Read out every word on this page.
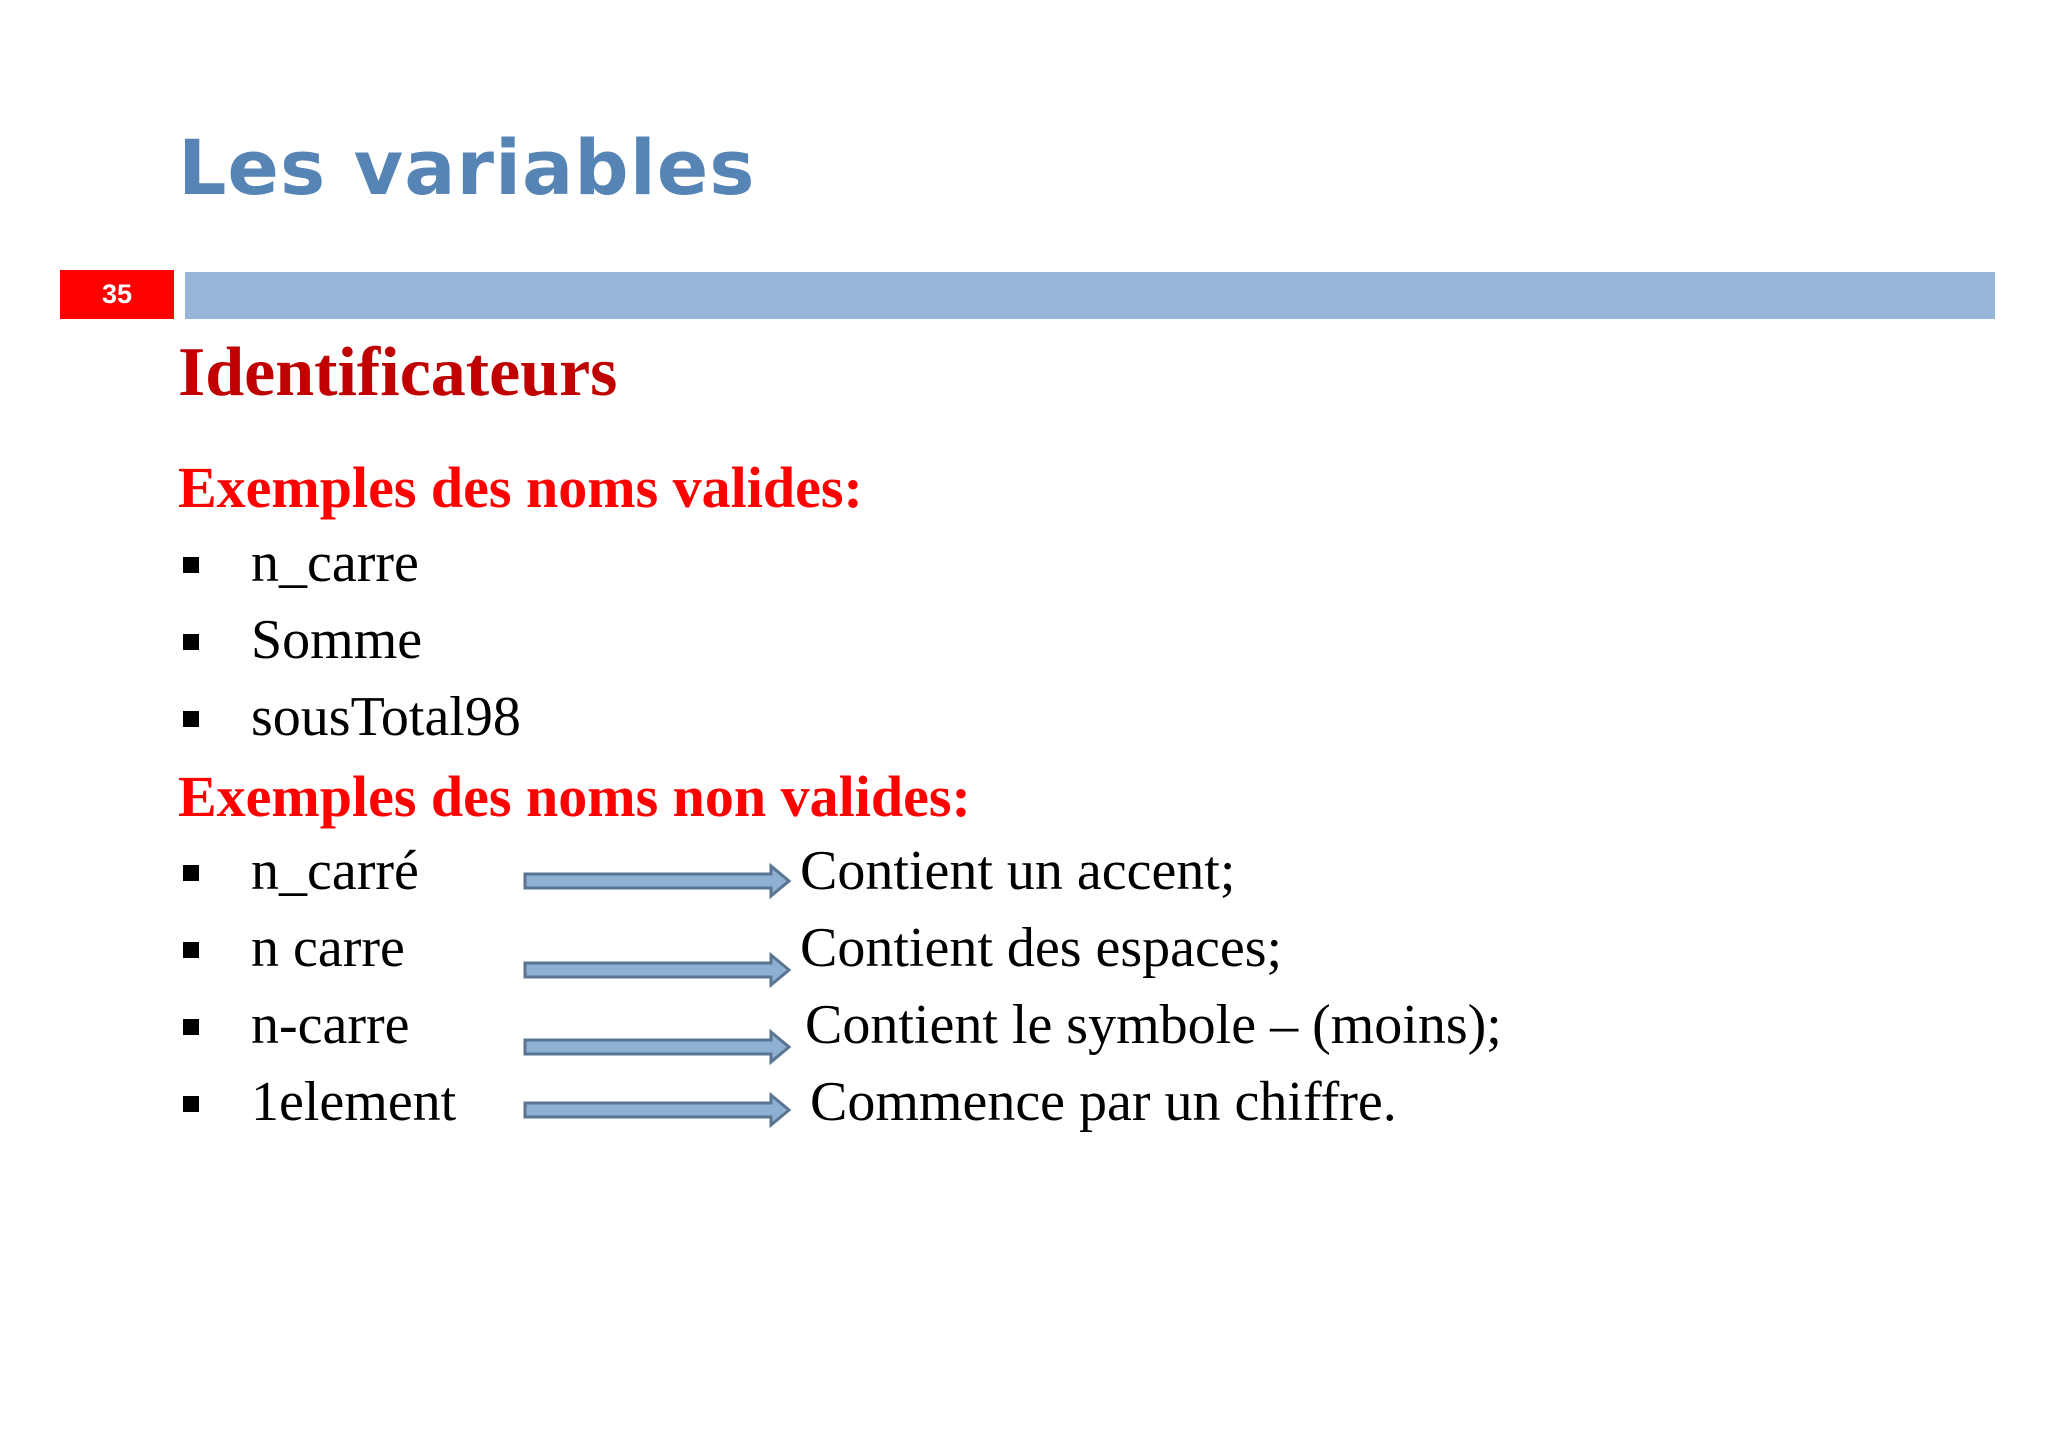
Les variables
35
Identificateurs
Exemples des noms valides:
n_carre
Somme
sousTotal98
Exemples des noms non valides:
n_carré	Contient un accent;
n carre	Contient des espaces;
n-carre	Contient le symbole – (moins);
1element	Commence par un chiffre.
